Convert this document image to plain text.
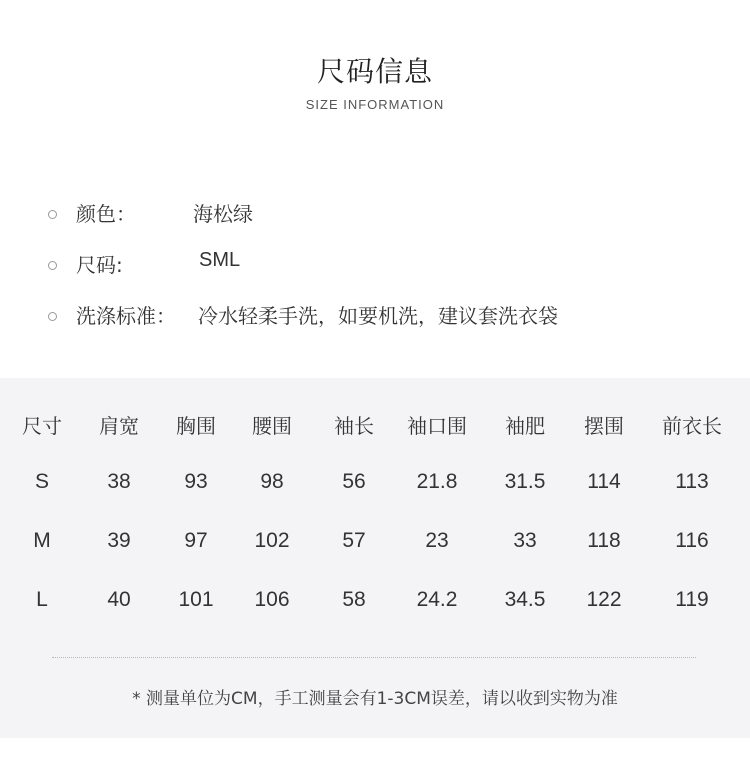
尺码信息
SIZE INFORMATION
颜色：	海松绿
尺码:	SML
洗涤标准： 冷水轻柔手洗，如要机洗，建议套洗衣袋
尺寸	肩宽	胸围	腰围	袖长	袖口围	袖肥	摆围	前衣长
S	38	93	98	56	21.8	31.5	114	113
M	39	97	102	57	23	33	118	116
L	40	101	106	58	24.2	34.5	122	119
* 测量单位为CM，手工测量会有1-3CM误差，请以收到实物为准
